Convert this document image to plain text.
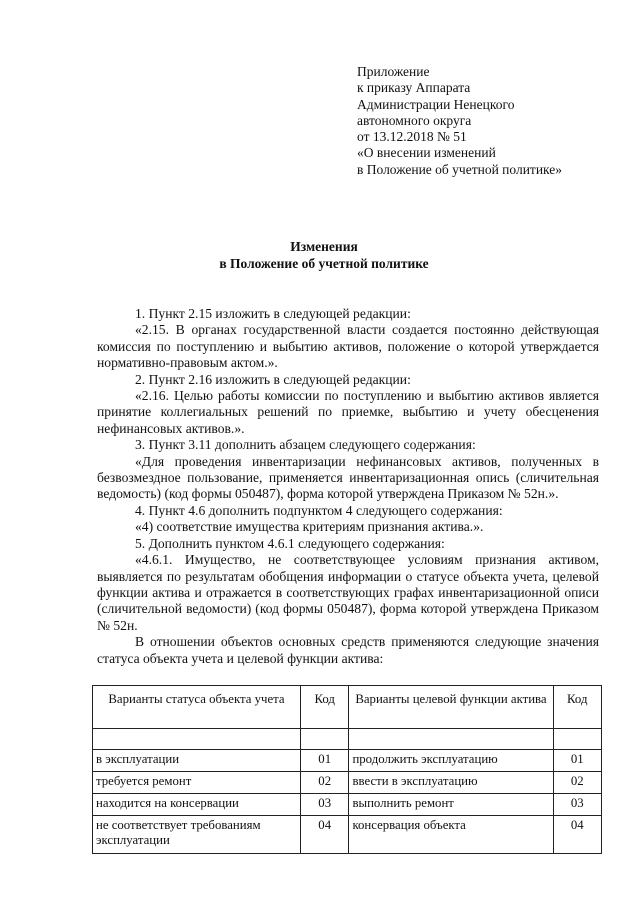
Приложение
к приказу Аппарата
Администрации Ненецкого
автономного округа
от 13.12.2018 № 51
«О внесении изменений
в Положение об учетной политике»
Изменения
в Положение об учетной политике

1. Пункт 2.15 изложить в следующей редакции:

«2.15. В органах государственной власти создается постоянно действующая комиссия по поступлению и выбытию активов, положение о которой утверждается нормативно-правовым актом.».

2. Пункт 2.16 изложить в следующей редакции:

«2.16. Целью работы комиссии по поступлению и выбытию активов является принятие коллегиальных решений по приемке, выбытию и учету обесценения нефинансовых активов.».

3. Пункт 3.11 дополнить абзацем следующего содержания:

«Для проведения инвентаризации нефинансовых активов, полученных в безвозмездное пользование, применяется инвентаризационная опись (сличительная ведомость) (код формы 050487), форма которой утверждена Приказом № 52н.».

4. Пункт 4.6 дополнить подпунктом 4 следующего содержания:

«4) соответствие имущества критериям признания актива.».

5. Дополнить пунктом 4.6.1 следующего содержания:

«4.6.1. Имущество, не соответствующее условиям признания активом, выявляется по результатам обобщения информации о статусе объекта учета, целевой функции актива и отражается в соответствующих графах инвентаризационной описи (сличительной ведомости) (код формы 050487), форма которой утверждена Приказом № 52н.

В отношении объектов основных средств применяются следующие значения статуса объекта учета и целевой функции актива:

Варианты статуса объекта учета	Код	Варианты целевой функции актива	Код

в эксплуатации	01	продолжить эксплуатацию	01
требуется ремонт	02	ввести в эксплуатацию	02
находится на консервации	03	выполнить ремонт	03
не соответствует требованиям эксплуатации	04	консервация объекта	04
